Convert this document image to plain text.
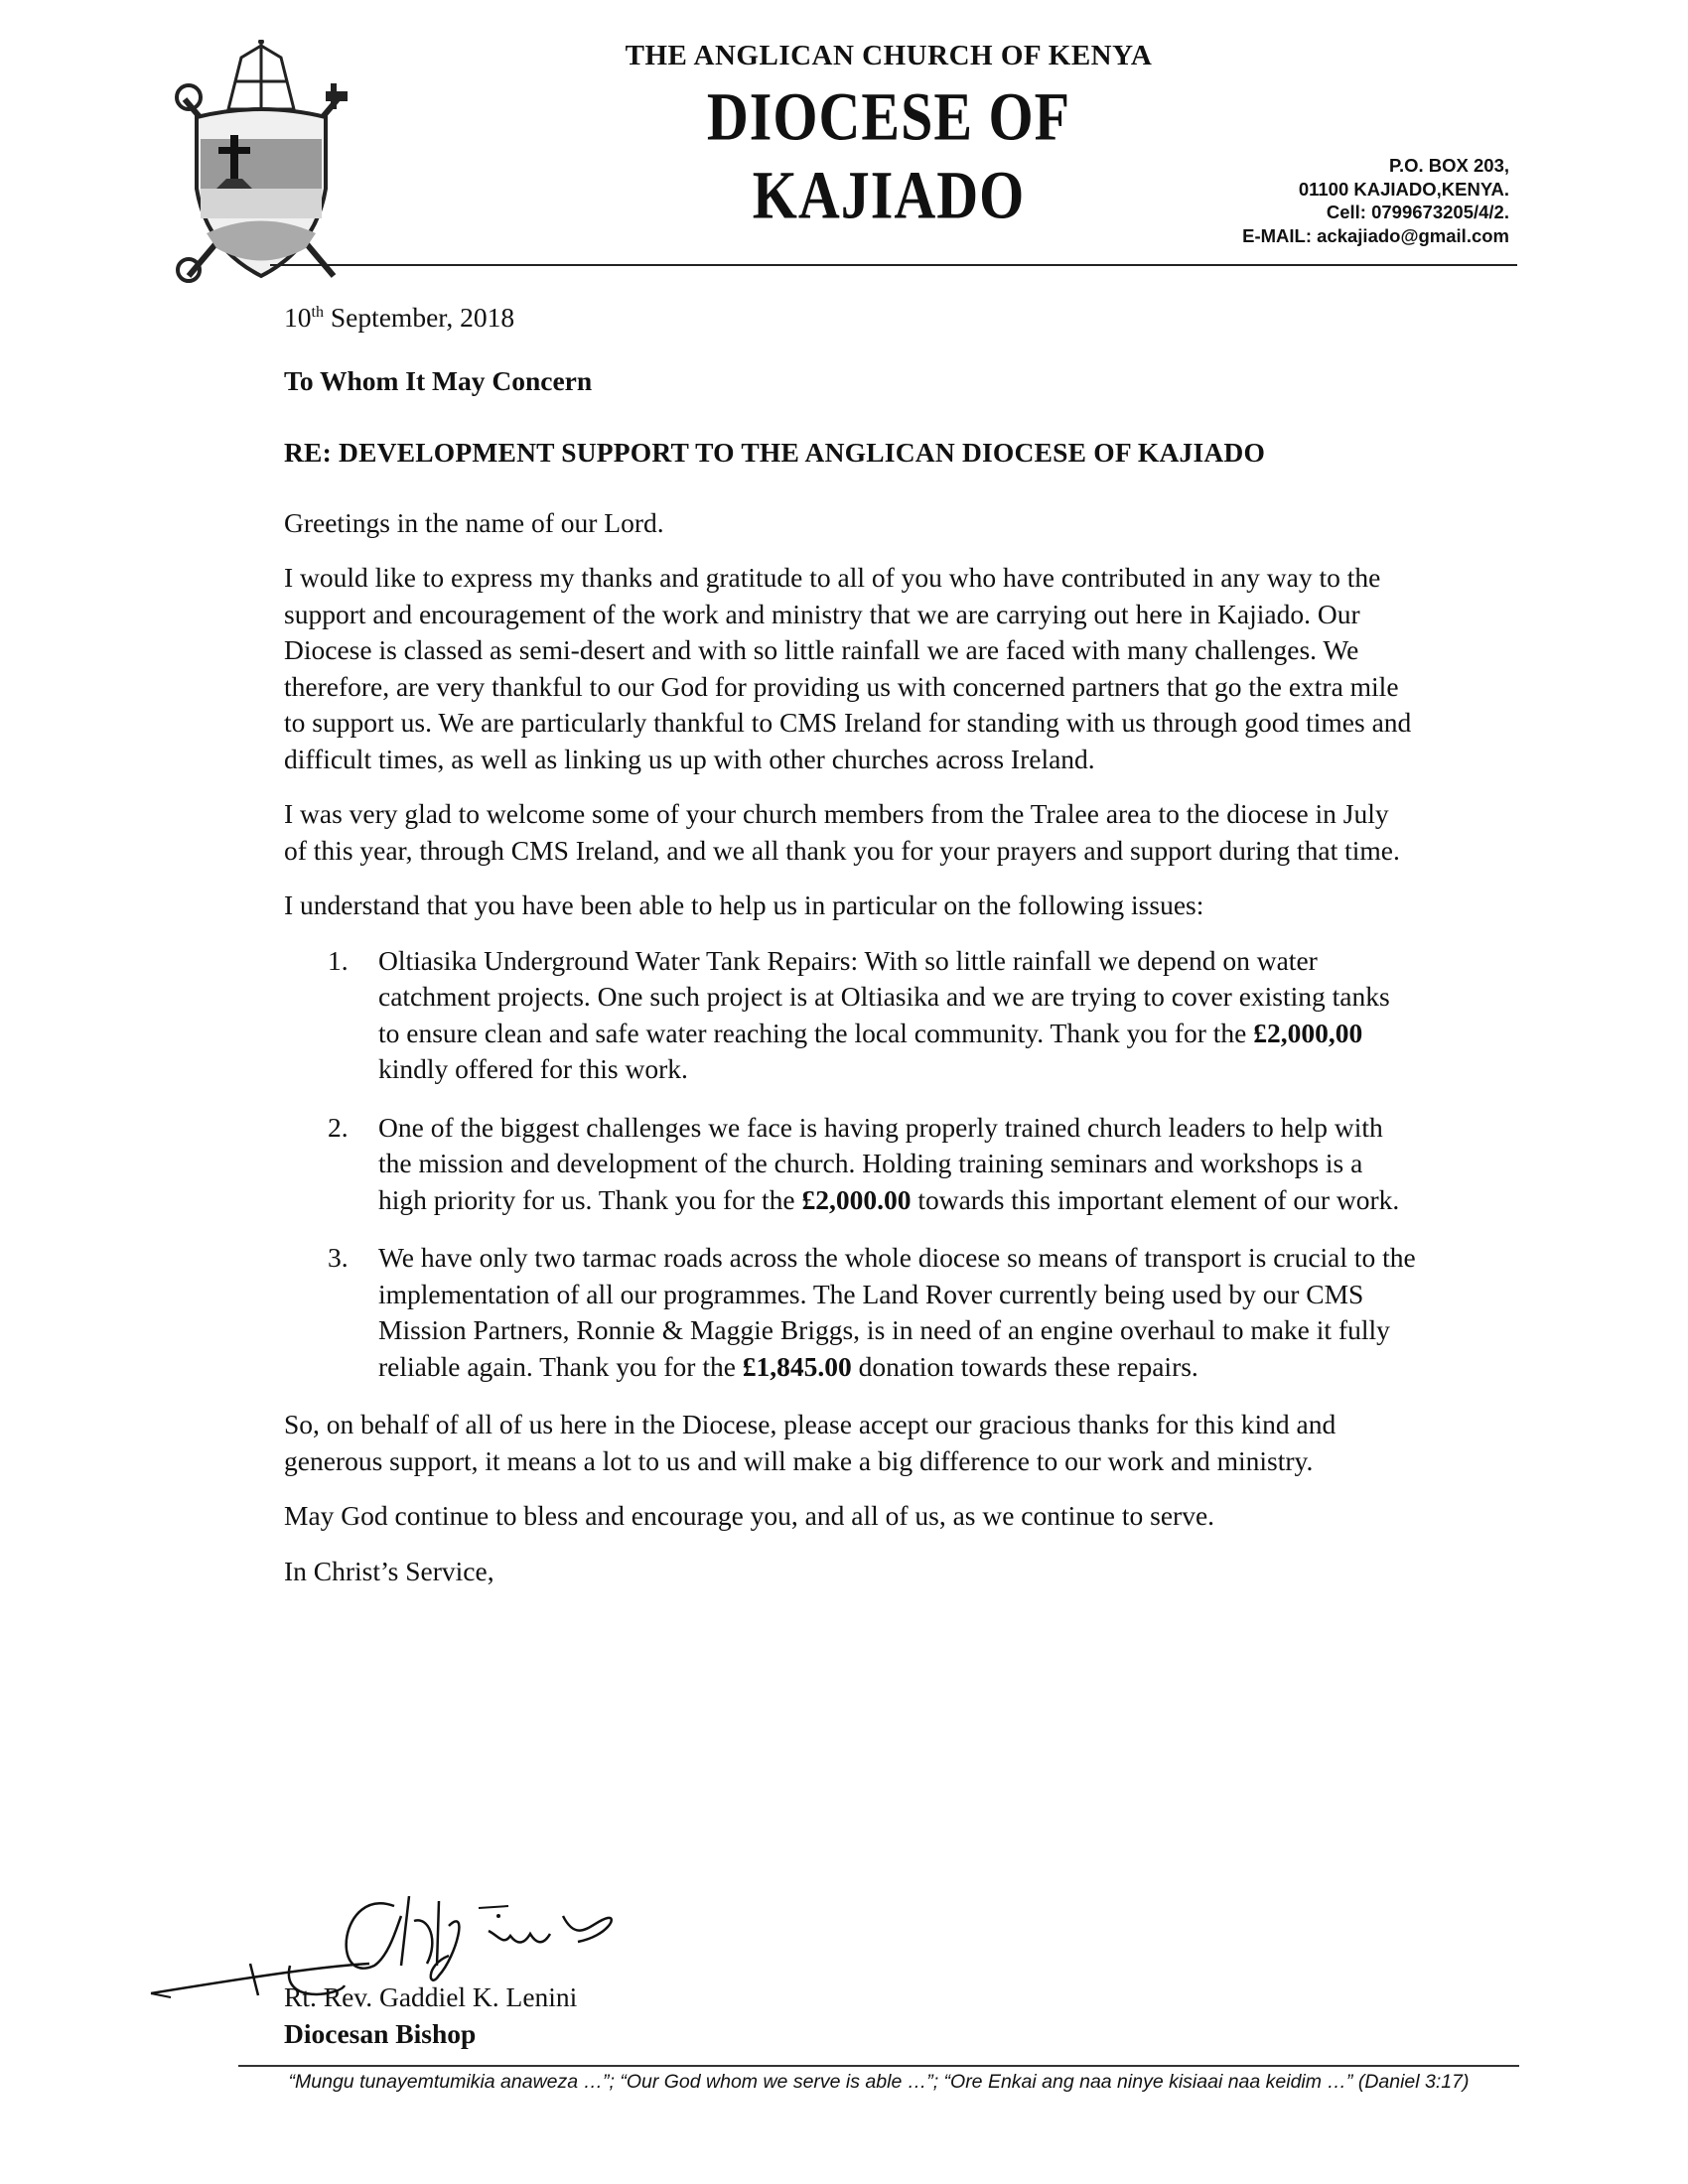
THE ANGLICAN CHURCH OF KENYA
DIOCESE OF KAJIADO	P.O. BOX 203,
01100 KAJIADO,KENYA.
Cell: 0799673205/4/2.
E-MAIL: ackajiado@gmail.com

10th September, 2018

To Whom It May Concern

RE: DEVELOPMENT SUPPORT TO THE ANGLICAN DIOCESE OF KAJIADO

Greetings in the name of our Lord.

I would like to express my thanks and gratitude to all of you who have contributed in any way to the support and encouragement of the work and ministry that we are carrying out here in Kajiado. Our Diocese is classed as semi-desert and with so little rainfall we are faced with many challenges. We therefore, are very thankful to our God for providing us with concerned partners that go the extra mile to support us. We are particularly thankful to CMS Ireland for standing with us through good times and difficult times, as well as linking us up with other churches across Ireland.

I was very glad to welcome some of your church members from the Tralee area to the diocese in July of this year, through CMS Ireland, and we all thank you for your prayers and support during that time.

I understand that you have been able to help us in particular on the following issues:

1. Oltiasika Underground Water Tank Repairs: With so little rainfall we depend on water catchment projects. One such project is at Oltiasika and we are trying to cover existing tanks to ensure clean and safe water reaching the local community. Thank you for the £2,000,00 kindly offered for this work.
2. One of the biggest challenges we face is having properly trained church leaders to help with the mission and development of the church. Holding training seminars and workshops is a high priority for us. Thank you for the £2,000.00 towards this important element of our work.
3. We have only two tarmac roads across the whole diocese so means of transport is crucial to the implementation of all our programmes. The Land Rover currently being used by our CMS Mission Partners, Ronnie & Maggie Briggs, is in need of an engine overhaul to make it fully reliable again. Thank you for the £1,845.00 donation towards these repairs.

So, on behalf of all of us here in the Diocese, please accept our gracious thanks for this kind and generous support, it means a lot to us and will make a big difference to our work and ministry.

May God continue to bless and encourage you, and all of us, as we continue to serve.

In Christ’s Service,

Rt. Rev. Gaddiel K. Lenini
Diocesan Bishop
“Mungu tunayemtumikia anaweza …”; “Our God whom we serve is able …”; “Ore Enkai ang naa ninye kisiaai naa keidim …” (Daniel 3:17)
